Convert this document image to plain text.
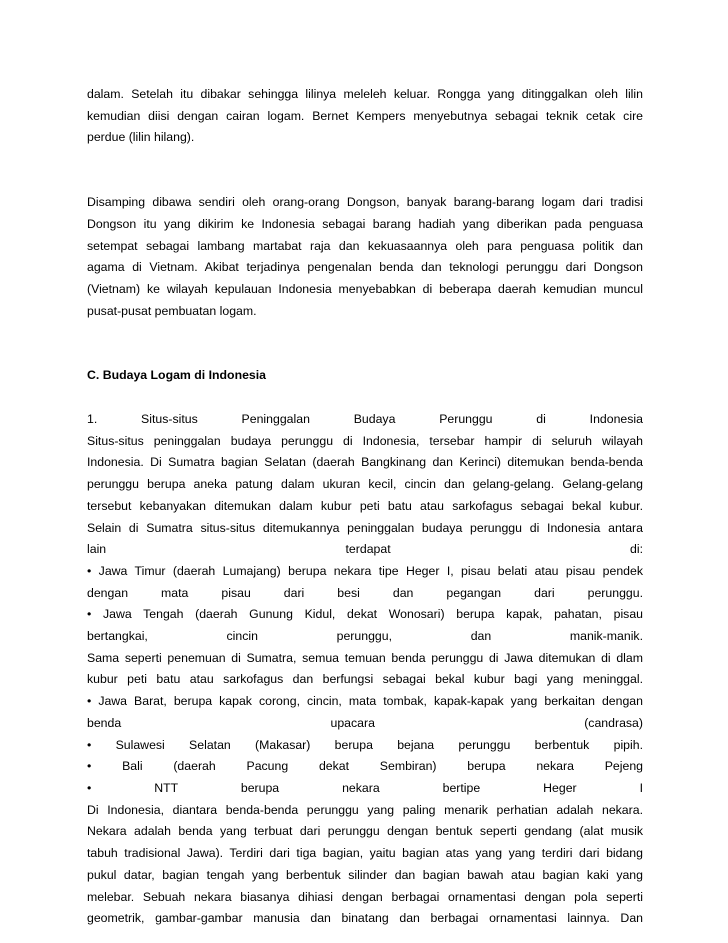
dalam. Setelah itu dibakar sehingga lilinya meleleh keluar. Rongga yang ditinggalkan oleh lilin
kemudian diisi dengan cairan logam. Bernet Kempers menyebutnya sebagai teknik cetak cire
perdue (lilin hilang).
Disamping dibawa sendiri oleh orang-orang Dongson, banyak barang-barang logam dari tradisi
Dongson itu yang dikirim ke Indonesia sebagai barang hadiah yang diberikan pada penguasa
setempat sebagai lambang martabat raja dan kekuasaannya oleh para penguasa politik dan
agama di Vietnam. Akibat terjadinya pengenalan benda dan teknologi perunggu dari Dongson
(Vietnam) ke wilayah kepulauan Indonesia menyebabkan di beberapa daerah kemudian muncul
pusat-pusat pembuatan logam.
C. Budaya Logam di Indonesia
1. Situs-situs Peninggalan Budaya Perunggu di Indonesia
Situs-situs peninggalan budaya perunggu di Indonesia, tersebar hampir di seluruh wilayah
Indonesia. Di Sumatra bagian Selatan (daerah Bangkinang dan Kerinci) ditemukan benda-benda
perunggu berupa aneka patung dalam ukuran kecil, cincin dan gelang-gelang. Gelang-gelang
tersebut kebanyakan ditemukan dalam kubur peti batu atau sarkofagus sebagai bekal kubur.
Selain di Sumatra situs-situs ditemukannya peninggalan budaya perunggu di Indonesia antara
lain terdapat di:
• Jawa Timur (daerah Lumajang) berupa nekara tipe Heger I, pisau belati atau pisau pendek
dengan mata pisau dari besi dan pegangan dari perunggu.
• Jawa Tengah (daerah Gunung Kidul, dekat Wonosari) berupa kapak, pahatan, pisau
bertangkai, cincin perunggu, dan manik-manik.
Sama seperti penemuan di Sumatra, semua temuan benda perunggu di Jawa ditemukan di dlam
kubur peti batu atau sarkofagus dan berfungsi sebagai bekal kubur bagi yang meninggal.
• Jawa Barat, berupa kapak corong, cincin, mata tombak, kapak-kapak yang berkaitan dengan
benda upacara (candrasa)
• Sulawesi Selatan (Makasar) berupa bejana perunggu berbentuk pipih.
• Bali (daerah Pacung dekat Sembiran) berupa nekara Pejeng
• NTT berupa nekara bertipe Heger I
Di Indonesia, diantara benda-benda perunggu yang paling menarik perhatian adalah nekara.
Nekara adalah benda yang terbuat dari perunggu dengan bentuk seperti gendang (alat musik
tabuh tradisional Jawa). Terdiri dari tiga bagian, yaitu bagian atas yang yang terdiri dari bidang
pukul datar, bagian tengah yang berbentuk silinder dan bagian bawah atau bagian kaki yang
melebar. Sebuah nekara biasanya dihiasi dengan berbagai ornamentasi dengan pola seperti
geometrik, gambar-gambar manusia dan binatang dan berbagai ornamentasi lainnya. Dan
